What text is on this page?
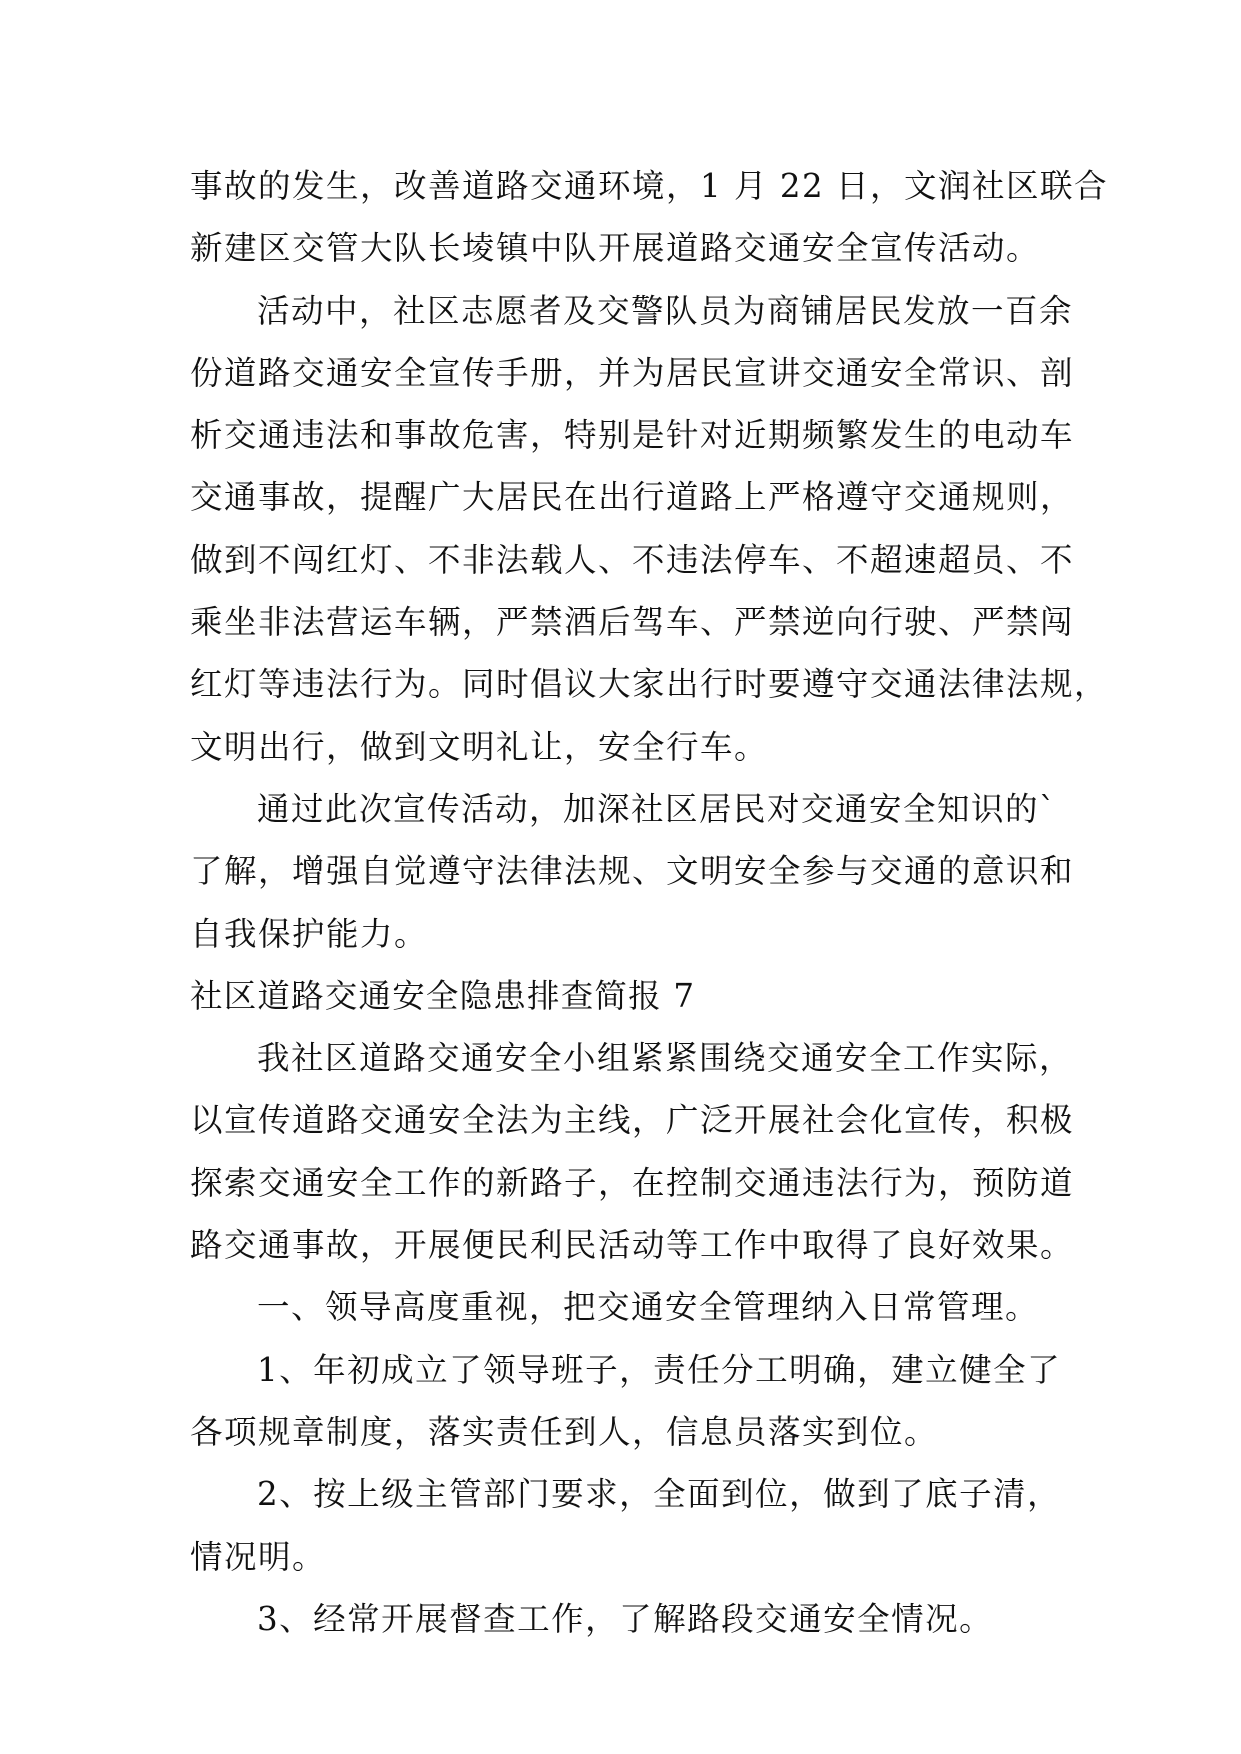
事故的发生，改善道路交通环境，1 月 22 日，文润社区联合
新建区交管大队长堎镇中队开展道路交通安全宣传活动。
活动中，社区志愿者及交警队员为商铺居民发放一百余
份道路交通安全宣传手册，并为居民宣讲交通安全常识、剖
析交通违法和事故危害，特别是针对近期频繁发生的电动车
交通事故，提醒广大居民在出行道路上严格遵守交通规则，
做到不闯红灯、不非法载人、不违法停车、不超速超员、不
乘坐非法营运车辆，严禁酒后驾车、严禁逆向行驶、严禁闯
红灯等违法行为。同时倡议大家出行时要遵守交通法律法规，
文明出行，做到文明礼让，安全行车。
通过此次宣传活动，加深社区居民对交通安全知识的`
了解，增强自觉遵守法律法规、文明安全参与交通的意识和
自我保护能力。
社区道路交通安全隐患排查简报 7
我社区道路交通安全小组紧紧围绕交通安全工作实际，
以宣传道路交通安全法为主线，广泛开展社会化宣传，积极
探索交通安全工作的新路子，在控制交通违法行为，预防道
路交通事故，开展便民利民活动等工作中取得了良好效果。
一、领导高度重视，把交通安全管理纳入日常管理。
1、年初成立了领导班子，责任分工明确，建立健全了
各项规章制度，落实责任到人，信息员落实到位。
2、按上级主管部门要求，全面到位，做到了底子清，
情况明。
3、经常开展督查工作，了解路段交通安全情况。
